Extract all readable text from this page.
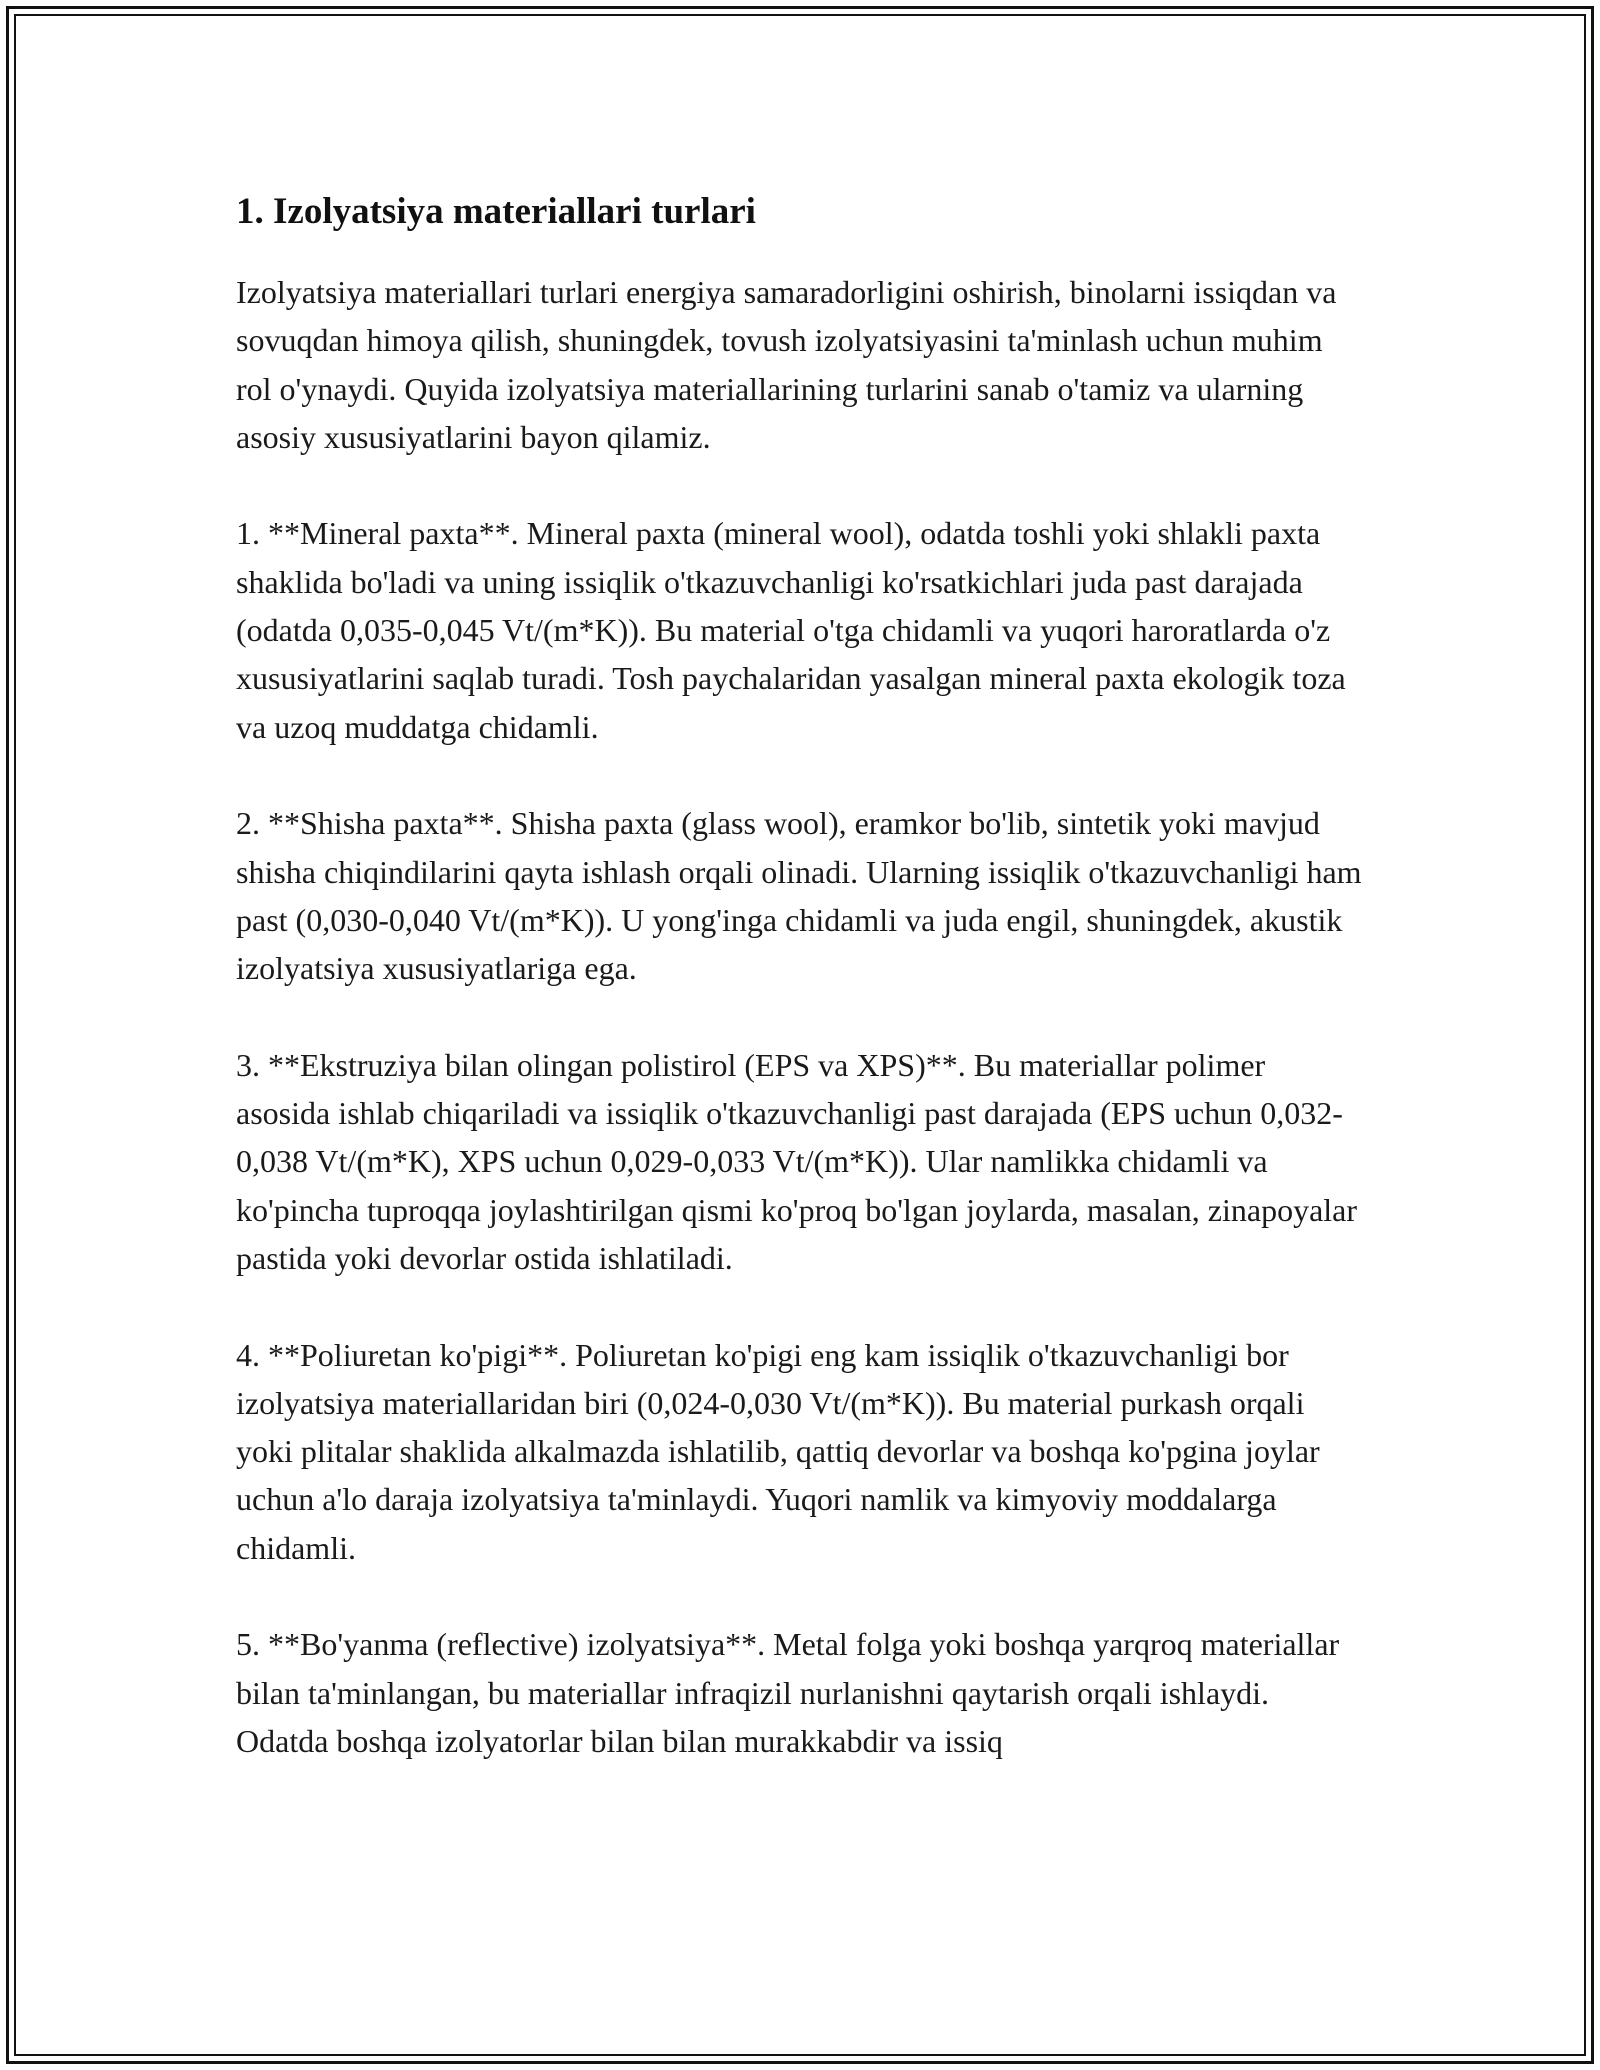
1. Izolyatsiya materiallari turlari

Izolyatsiya materiallari turlari energiya samaradorligini oshirish, binolarni issiqdan va sovuqdan himoya qilish, shuningdek, tovush izolyatsiyasini ta'minlash uchun muhim rol o'ynaydi. Quyida izolyatsiya materiallarining turlarini sanab o'tamiz va ularning asosiy xususiyatlarini bayon qilamiz.

1. **Mineral paxta**. Mineral paxta (mineral wool), odatda toshli yoki shlakli paxta shaklida bo'ladi va uning issiqlik o'tkazuvchanligi ko'rsatkichlari juda past darajada (odatda 0,035-0,045 Vt/(m*K)). Bu material o'tga chidamli va yuqori haroratlarda o'z xususiyatlarini saqlab turadi. Tosh paychalaridan yasalgan mineral paxta ekologik toza va uzoq muddatga chidamli.

2. **Shisha paxta**. Shisha paxta (glass wool), eramkor bo'lib, sintetik yoki mavjud shisha chiqindilarini qayta ishlash orqali olinadi. Ularning issiqlik o'tkazuvchanligi ham past (0,030-0,040 Vt/(m*K)). U yong'inga chidamli va juda engil, shuningdek, akustik izolyatsiya xususiyatlariga ega.

3. **Ekstruziya bilan olingan polistirol (EPS va XPS)**. Bu materiallar polimer asosida ishlab chiqariladi va issiqlik o'tkazuvchanligi past darajada (EPS uchun 0,032-0,038 Vt/(m*K), XPS uchun 0,029-0,033 Vt/(m*K)). Ular namlikka chidamli va ko'pincha tuproqqa joylashtirilgan qismi ko'proq bo'lgan joylarda, masalan, zinapoyalar pastida yoki devorlar ostida ishlatiladi.

4. **Poliuretan ko'pigi**. Poliuretan ko'pigi eng kam issiqlik o'tkazuvchanligi bor izolyatsiya materiallaridan biri (0,024-0,030 Vt/(m*K)). Bu material purkash orqali yoki plitalar shaklida alkalmazda ishlatilib, qattiq devorlar va boshqa ko'pgina joylar uchun a'lo daraja izolyatsiya ta'minlaydi. Yuqori namlik va kimyoviy moddalarga chidamli.

5. **Bo'yanma (reflective) izolyatsiya**. Metal folga yoki boshqa yarqroq materiallar bilan ta'minlangan, bu materiallar infraqizil nurlanishni qaytarish orqali ishlaydi. Odatda boshqa izolyatorlar bilan bilan murakkabdir va issiq
